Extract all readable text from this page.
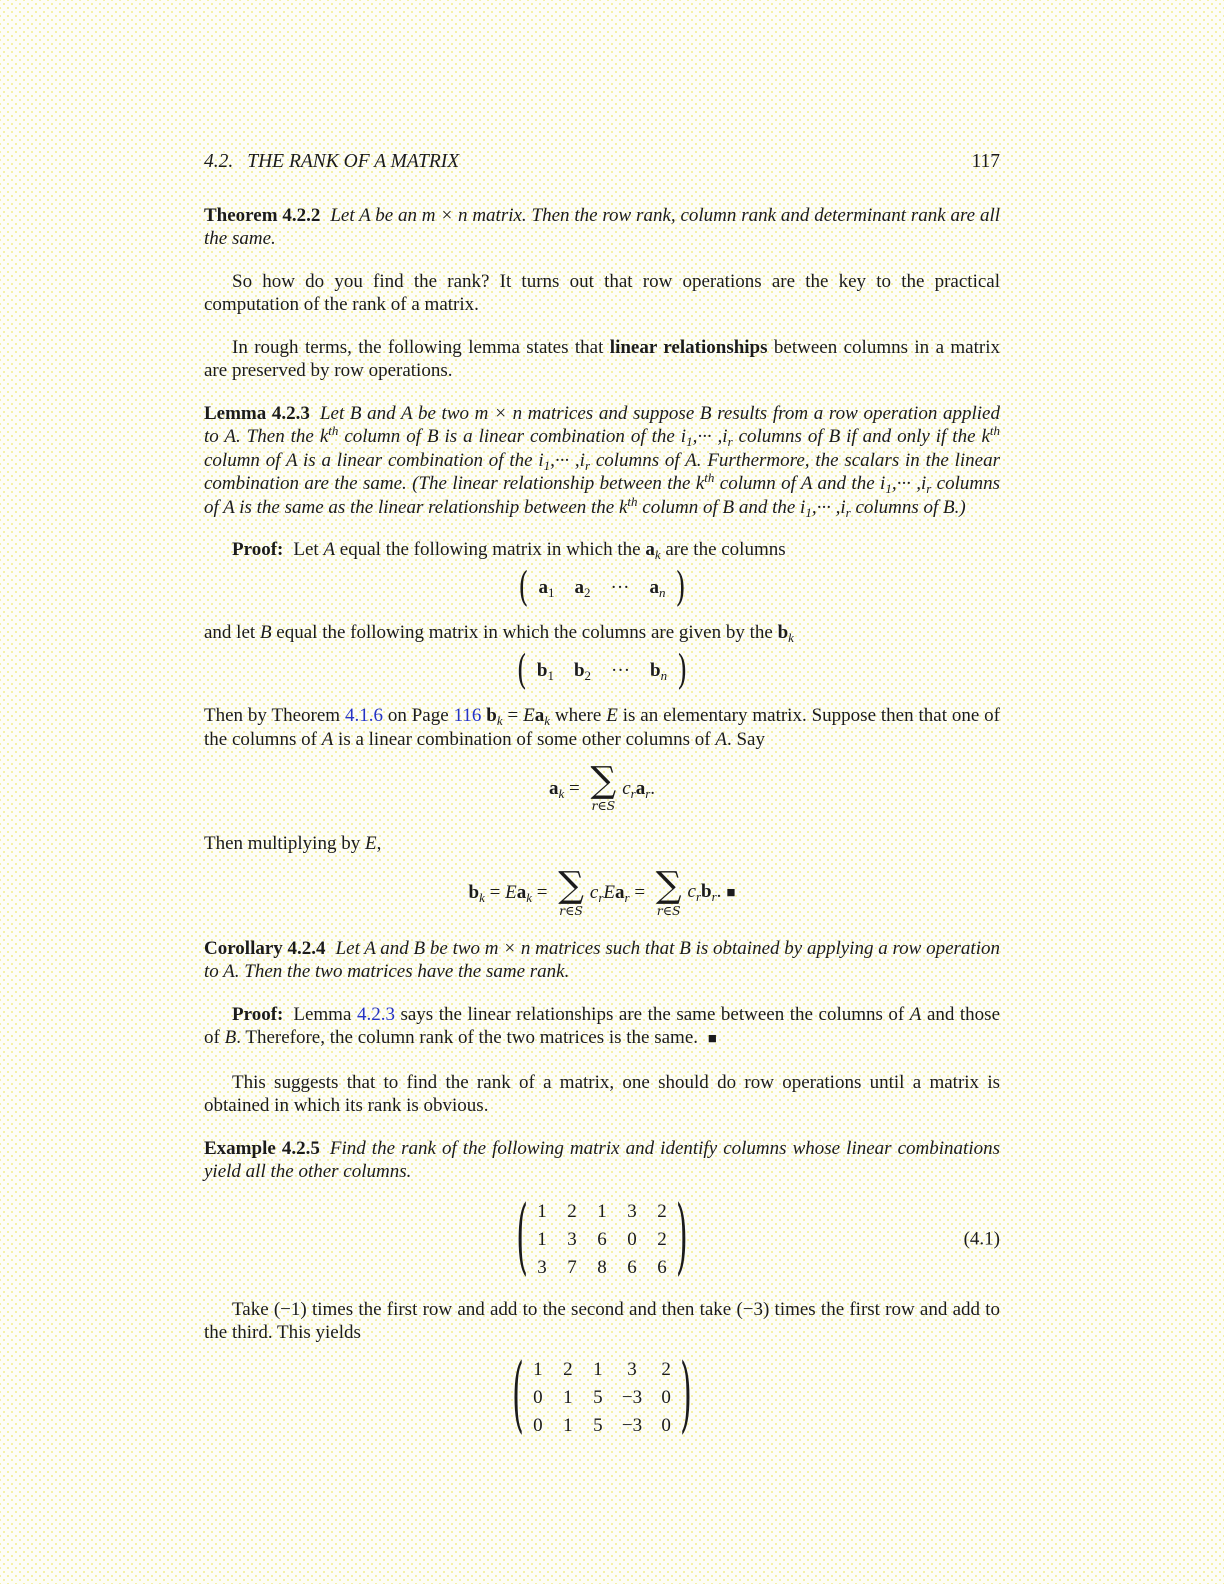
4.2. THE RANK OF A MATRIX	117

Theorem 4.2.2 Let A be an m × n matrix. Then the row rank, column rank and determinant rank are all the same.

So how do you find the rank? It turns out that row operations are the key to the practical computation of the rank of a matrix.

In rough terms, the following lemma states that linear relationships between columns in a matrix are preserved by row operations.

Lemma 4.2.3 Let B and A be two m × n matrices and suppose B results from a row operation applied to A. Then the $k^{th}$ column of B is a linear combination of the $i_1,\cdot\cdot\cdot ,i_r$ columns of B if and only if the $k^{th}$ column of A is a linear combination of the $i_1,\cdot\cdot\cdot ,i_r$ columns of A. Furthermore, the scalars in the linear combination are the same. (The linear relationship between the $k^{th}$ column of A and the $i_1,\cdot\cdot\cdot ,i_r$ columns of A is the same as the linear relationship between the $k^{th}$ column of B and the $i_1,\cdot\cdot\cdot ,i_r$ columns of B.)

Proof: Let A equal the following matrix in which the $a_k$ are the columns

( $a_1$ $a_2$ ··· $a_n$ )

and let B equal the following matrix in which the columns are given by the $b_k$

( $b_1$ $b_2$ ··· $b_n$ )

Then by Theorem 4.1.6 on Page 116 $b_k = Ea_k$ where E is an elementary matrix. Suppose then that one of the columns of A is a linear combination of some other columns of A. Say

$a_k$ = ∑
r∈S
$c_ra_r$.

Then multiplying by E,

$b_k = Ea_k$ = ∑
r∈S
$c_rEa_r$ = ∑
r∈S
$c_rb_r$. ■

Corollary 4.2.4 Let A and B be two m × n matrices such that B is obtained by applying a row operation to A. Then the two matrices have the same rank.

Proof: Lemma 4.2.3 says the linear relationships are the same between the columns of A and those of B. Therefore, the column rank of the two matrices is the same. ■

This suggests that to find the rank of a matrix, one should do row operations until a matrix is obtained in which its rank is obvious.

Example 4.2.5 Find the rank of the following matrix and identify columns whose linear combinations yield all the other columns.

( 1 2 1 3 2
1 3 6 0 2
3 7 8 6 6 )	(4.1)

Take (−1) times the first row and add to the second and then take (−3) times the first row and add to the third. This yields

( 1 2 1 3 2
0 1 5 −3 0
0 1 5 −3 0 )
